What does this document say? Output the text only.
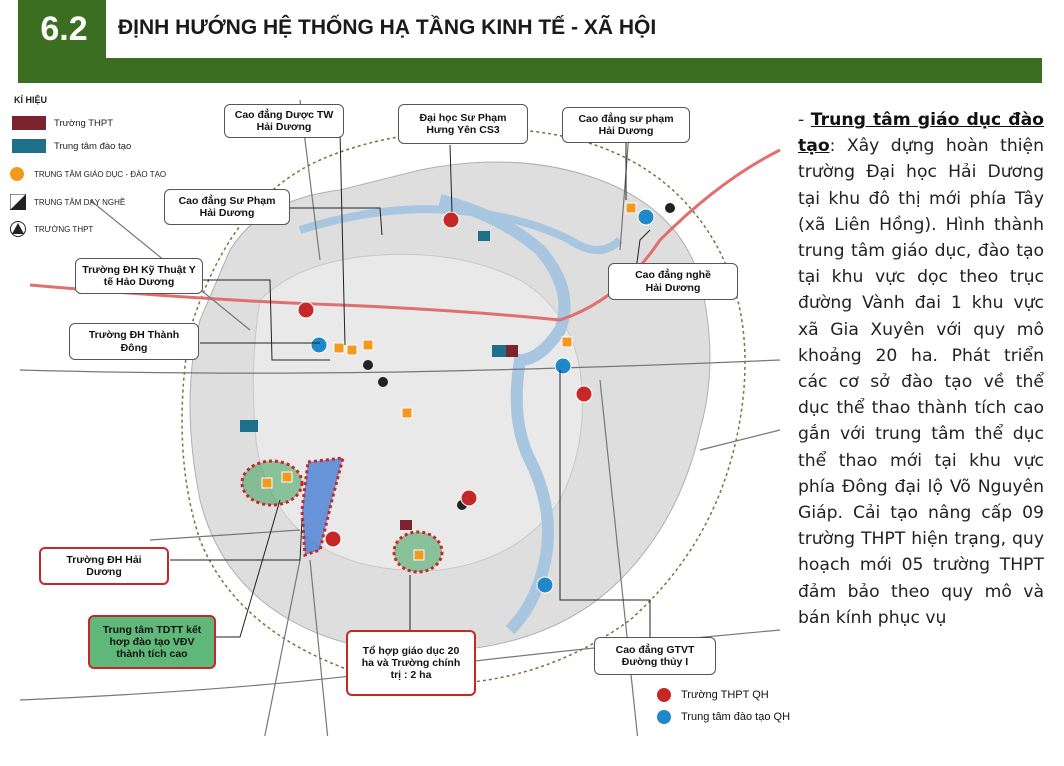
6.2	ĐỊNH HƯỚNG HỆ THỐNG HẠ TẦNG KINH TẾ - XÃ HỘI
KÍ HIỆU
Trường THPT
Trung tâm đào tạo
TRUNG TÂM GIÁO DỤC - ĐÀO TẠO
TRUNG TÂM DẠY NGHỀ
TRƯỜNG THPT
Cao đẳng Dược TW
Hải Dương
Đại học Sư Phạm
Hưng Yên CS3
Cao đẳng sư phạm
Hải Dương
Cao đẳng Sư Phạm
Hải Dương
Trường ĐH Kỹ Thuật Y
tế Hảo Dương
Cao đẳng nghề
Hải Dương
Trường ĐH Thành
Đông
Trường ĐH Hải
Dương
Trung tâm TDTT kết
hơp đào tạo VĐV
thành tích cao	Tổ hợp giáo dục 20
ha và Trường chính
trị : 2 ha
Cao đẳng GTVT
Đường thủy I
Trường THPT QH
Trung tâm đào tạo QH
- Trung tâm giáo dục đào tạo: Xây dựng hoàn thiện trường Đại học Hải Dương tại khu đô thị mới phía Tây (xã Liên Hồng). Hình thành trung tâm giáo dục, đào tạo tại khu vực dọc theo trục đường Vành đai 1 khu vực xã Gia Xuyên với quy mô khoảng 20 ha. Phát triển các cơ sở đào tạo về thể dục thể thao thành tích cao gắn với trung tâm thể dục thể thao mới tại khu vực phía Đông đại lộ Võ Nguyên Giáp. Cải tạo nâng cấp 09 trường THPT hiện trạng, quy hoạch mới 05 trường THPT đảm bảo theo quy mô và bán kính phục vụ
